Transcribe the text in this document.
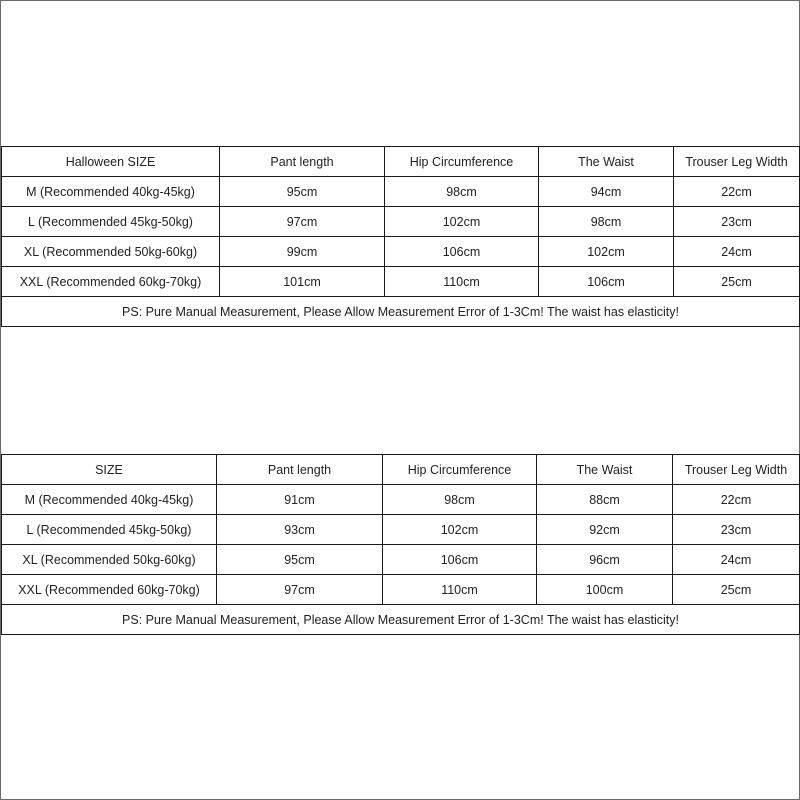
Halloween SIZE	Pant length	Hip Circumference	The Waist	Trouser Leg Width
M (Recommended 40kg-45kg)	95cm	98cm	94cm	22cm
L (Recommended 45kg-50kg)	97cm	102cm	98cm	23cm
XL (Recommended 50kg-60kg)	99cm	106cm	102cm	24cm
XXL (Recommended 60kg-70kg)	101cm	110cm	106cm	25cm
PS: Pure Manual Measurement, Please Allow Measurement Error of 1-3Cm! The waist has elasticity!				
SIZE	Pant length	Hip Circumference	The Waist	Trouser Leg Width
M (Recommended 40kg-45kg)	91cm	98cm	88cm	22cm
L (Recommended 45kg-50kg)	93cm	102cm	92cm	23cm
XL (Recommended 50kg-60kg)	95cm	106cm	96cm	24cm
XXL (Recommended 60kg-70kg)	97cm	110cm	100cm	25cm
PS: Pure Manual Measurement, Please Allow Measurement Error of 1-3Cm! The waist has elasticity!				
